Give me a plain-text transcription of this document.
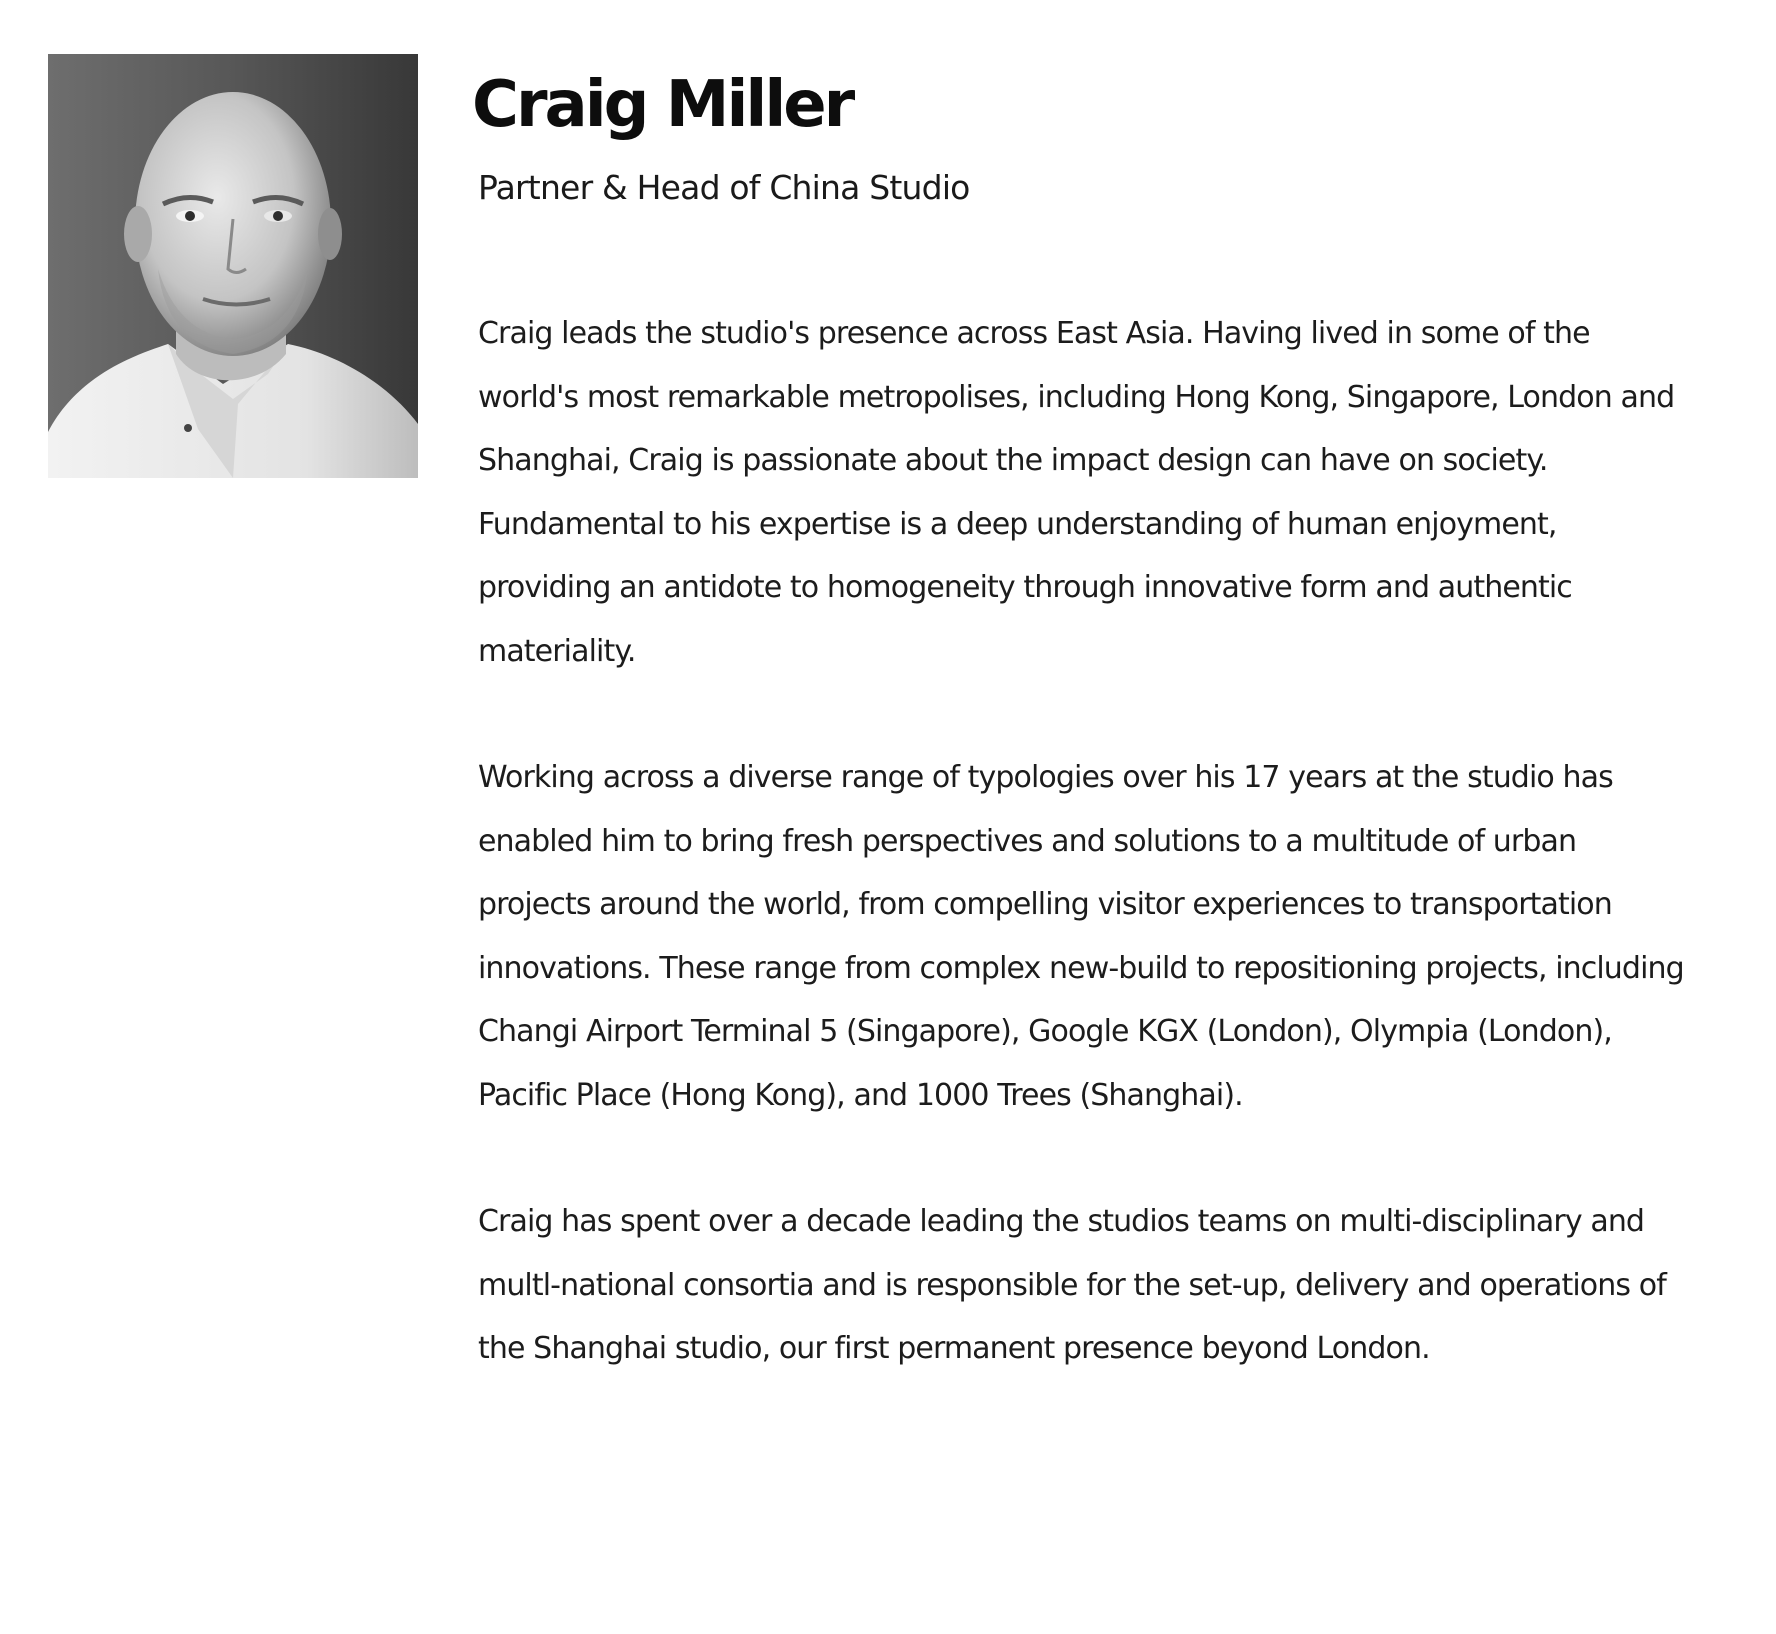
Craig Miller
Partner & Head of China Studio

Craig leads the studio's presence across East Asia. Having lived in some of the world's most remarkable metropolises, including Hong Kong, Singapore, London and Shanghai, Craig is passionate about the impact design can have on society. Fundamental to his expertise is a deep understanding of human enjoyment, providing an antidote to homogeneity through innovative form and authentic materiality.

Working across a diverse range of typologies over his 17 years at the studio has enabled him to bring fresh perspectives and solutions to a multitude of urban projects around the world, from compelling visitor experiences to transportation innovations. These range from complex new-build to repositioning projects, including Changi Airport Terminal 5 (Singapore), Google KGX (London), Olympia (London), Pacific Place (Hong Kong), and 1000 Trees (Shanghai).

Craig has spent over a decade leading the studios teams on multi-disciplinary and multl-national consortia and is responsible for the set-up, delivery and operations of the Shanghai studio, our first permanent presence beyond London.
